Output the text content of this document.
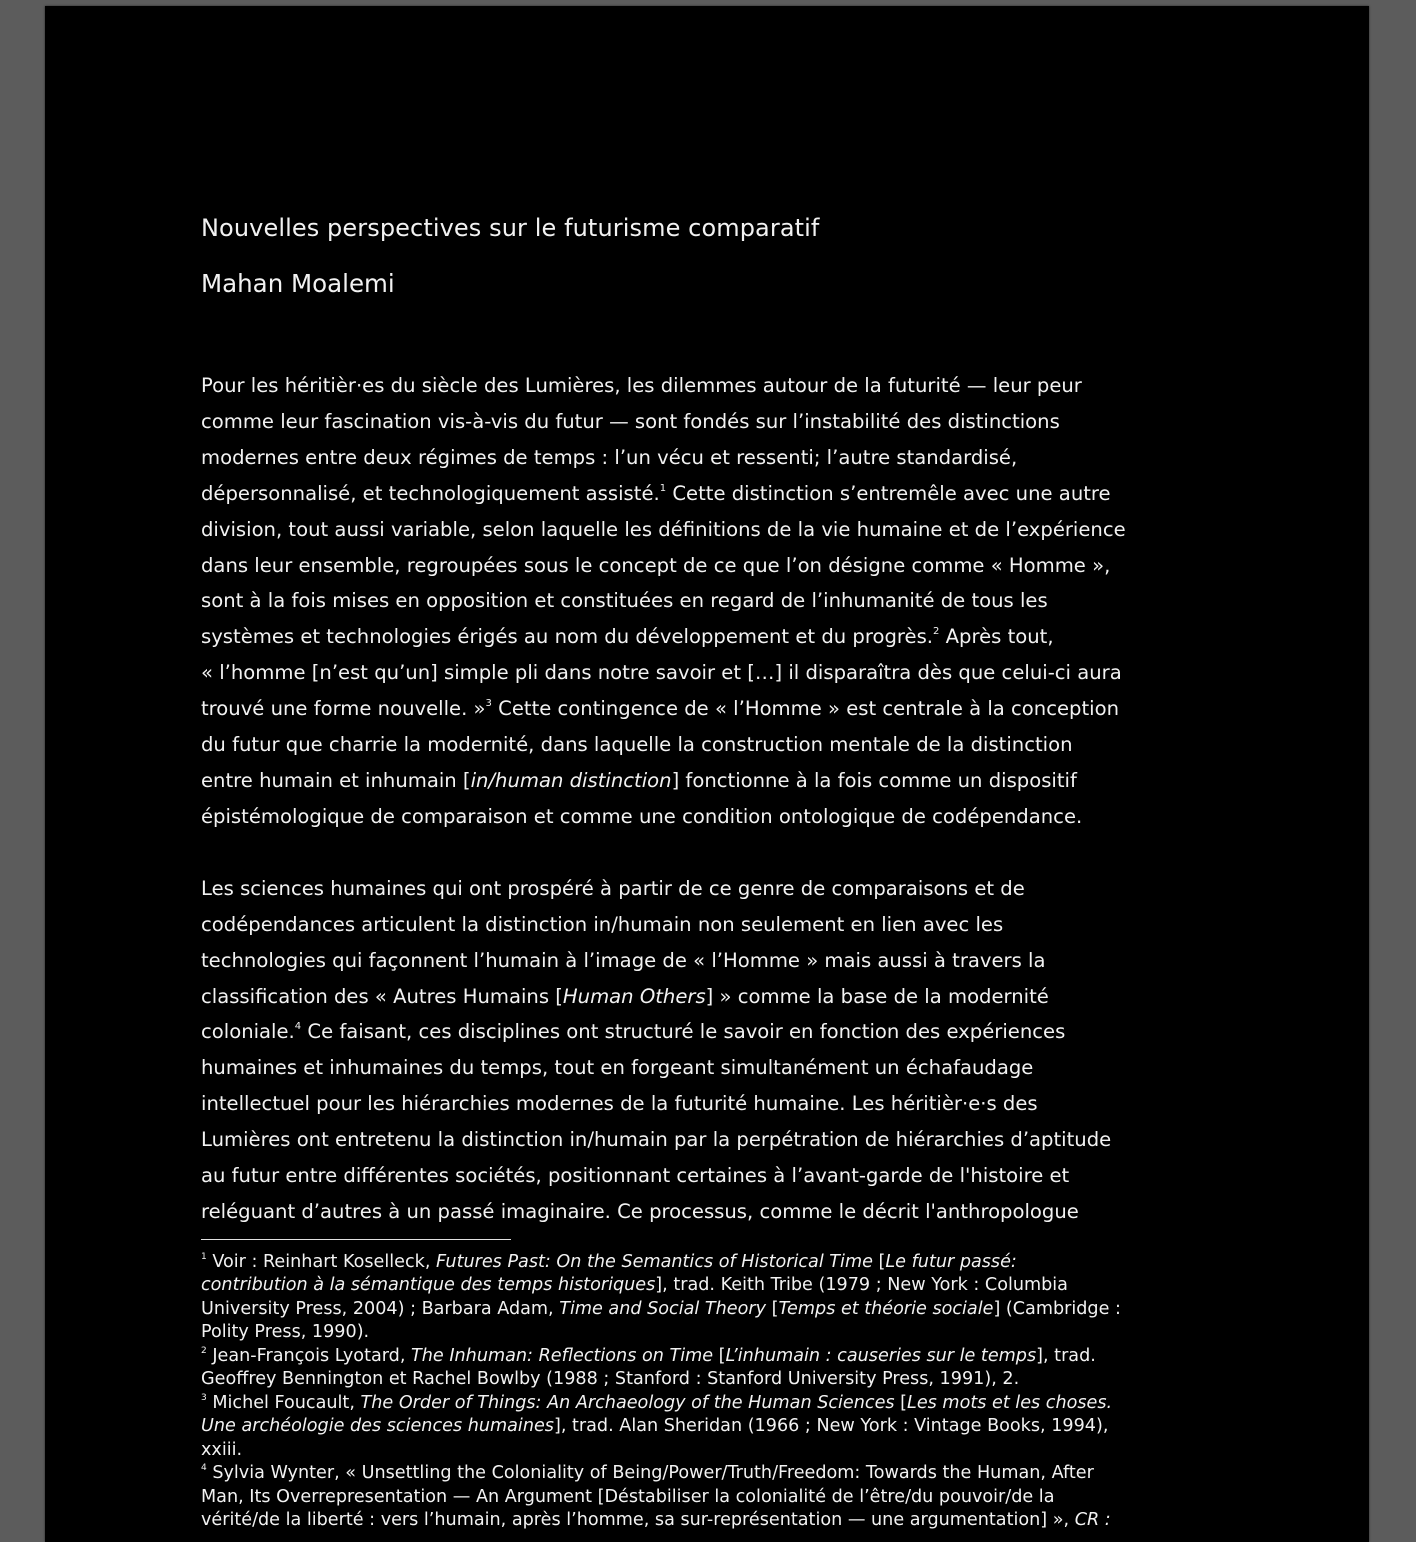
Nouvelles perspectives sur le futurisme comparatif
Mahan Moalemi

Pour les héritièr·es du siècle des Lumières, les dilemmes autour de la futurité — leur peur
comme leur fascination vis-à-vis du futur — sont fondés sur l’instabilité des distinctions
modernes entre deux régimes de temps : l’un vécu et ressenti; l’autre standardisé,
dépersonnalisé, et technologiquement assisté.$^1$ Cette distinction s’entremêle avec une autre
division, tout aussi variable, selon laquelle les définitions de la vie humaine et de l’expérience
dans leur ensemble, regroupées sous le concept de ce que l’on désigne comme « Homme »,
sont à la fois mises en opposition et constituées en regard de l’inhumanité de tous les
systèmes et technologies érigés au nom du développement et du progrès.$^2$ Après tout,
« l’homme [n’est qu’un] simple pli dans notre savoir et […] il disparaîtra dès que celui-ci aura
trouvé une forme nouvelle. »$^3$ Cette contingence de « l’Homme » est centrale à la conception
du futur que charrie la modernité, dans laquelle la construction mentale de la distinction
entre humain et inhumain [in/human distinction] fonctionne à la fois comme un dispositif
épistémologique de comparaison et comme une condition ontologique de codépendance.

Les sciences humaines qui ont prospéré à partir de ce genre de comparaisons et de
codépendances articulent la distinction in/humain non seulement en lien avec les
technologies qui façonnent l’humain à l’image de « l’Homme » mais aussi à travers la
classification des « Autres Humains [Human Others] » comme la base de la modernité
coloniale.$^4$ Ce faisant, ces disciplines ont structuré le savoir en fonction des expériences
humaines et inhumaines du temps, tout en forgeant simultanément un échafaudage
intellectuel pour les hiérarchies modernes de la futurité humaine. Les héritièr·e·s des
Lumières ont entretenu la distinction in/humain par la perpétration de hiérarchies d’aptitude
au futur entre différentes sociétés, positionnant certaines à l’avant-garde de l'histoire et
reléguant d’autres à un passé imaginaire. Ce processus, comme le décrit l'anthropologue

$^1$ Voir : Reinhart Koselleck, Futures Past: On the Semantics of Historical Time [Le futur passé:
contribution à la sémantique des temps historiques], trad. Keith Tribe (1979 ; New York : Columbia
University Press, 2004) ; Barbara Adam, Time and Social Theory [Temps et théorie sociale] (Cambridge :
Polity Press, 1990).

$^2$ Jean-François Lyotard, The Inhuman: Reflections on Time [L’inhumain : causeries sur le temps], trad.
Geoffrey Bennington et Rachel Bowlby (1988 ; Stanford : Stanford University Press, 1991), 2.

$^3$ Michel Foucault, The Order of Things: An Archaeology of the Human Sciences [Les mots et les choses.
Une archéologie des sciences humaines], trad. Alan Sheridan (1966 ; New York : Vintage Books, 1994),
xxiii.

$^4$ Sylvia Wynter, « Unsettling the Coloniality of Being/Power/Truth/Freedom: Towards the Human, After
Man, Its Overrepresentation — An Argument [Déstabiliser la colonialité de l’être/du pouvoir/de la
vérité/de la liberté : vers l’humain, après l’homme, sa sur-représentation — une argumentation] », CR :
